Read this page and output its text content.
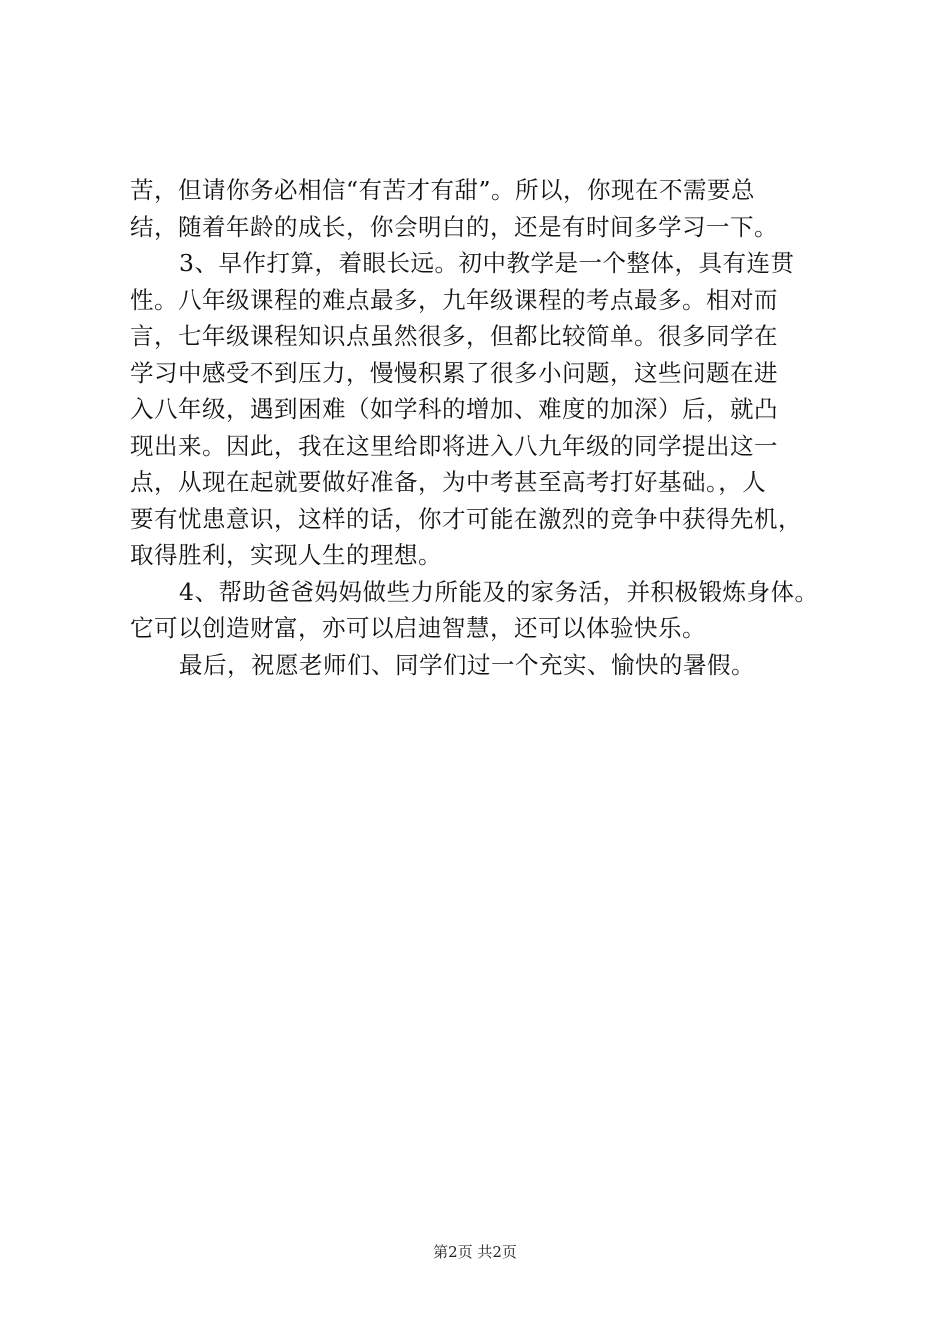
苦，但请你务必相信“有苦才有甜”。所以，你现在不需要总
结，随着年龄的成长，你会明白的，还是有时间多学习一下。
3、早作打算，着眼长远。初中教学是一个整体，具有连贯
性。八年级课程的难点最多，九年级课程的考点最多。相对而
言，七年级课程知识点虽然很多，但都比较简单。很多同学在
学习中感受不到压力，慢慢积累了很多小问题，这些问题在进
入八年级，遇到困难（如学科的增加、难度的加深）后，就凸
现出来。因此，我在这里给即将进入八九年级的同学提出这一
点，从现在起就要做好准备，为中考甚至高考打好基础。，人
要有忧患意识，这样的话，你才可能在激烈的竞争中获得先机，
取得胜利，实现人生的理想。
4、帮助爸爸妈妈做些力所能及的家务活，并积极锻炼身体。
它可以创造财富，亦可以启迪智慧，还可以体验快乐。
最后，祝愿老师们、同学们过一个充实、愉快的暑假。
第2页 共2页
